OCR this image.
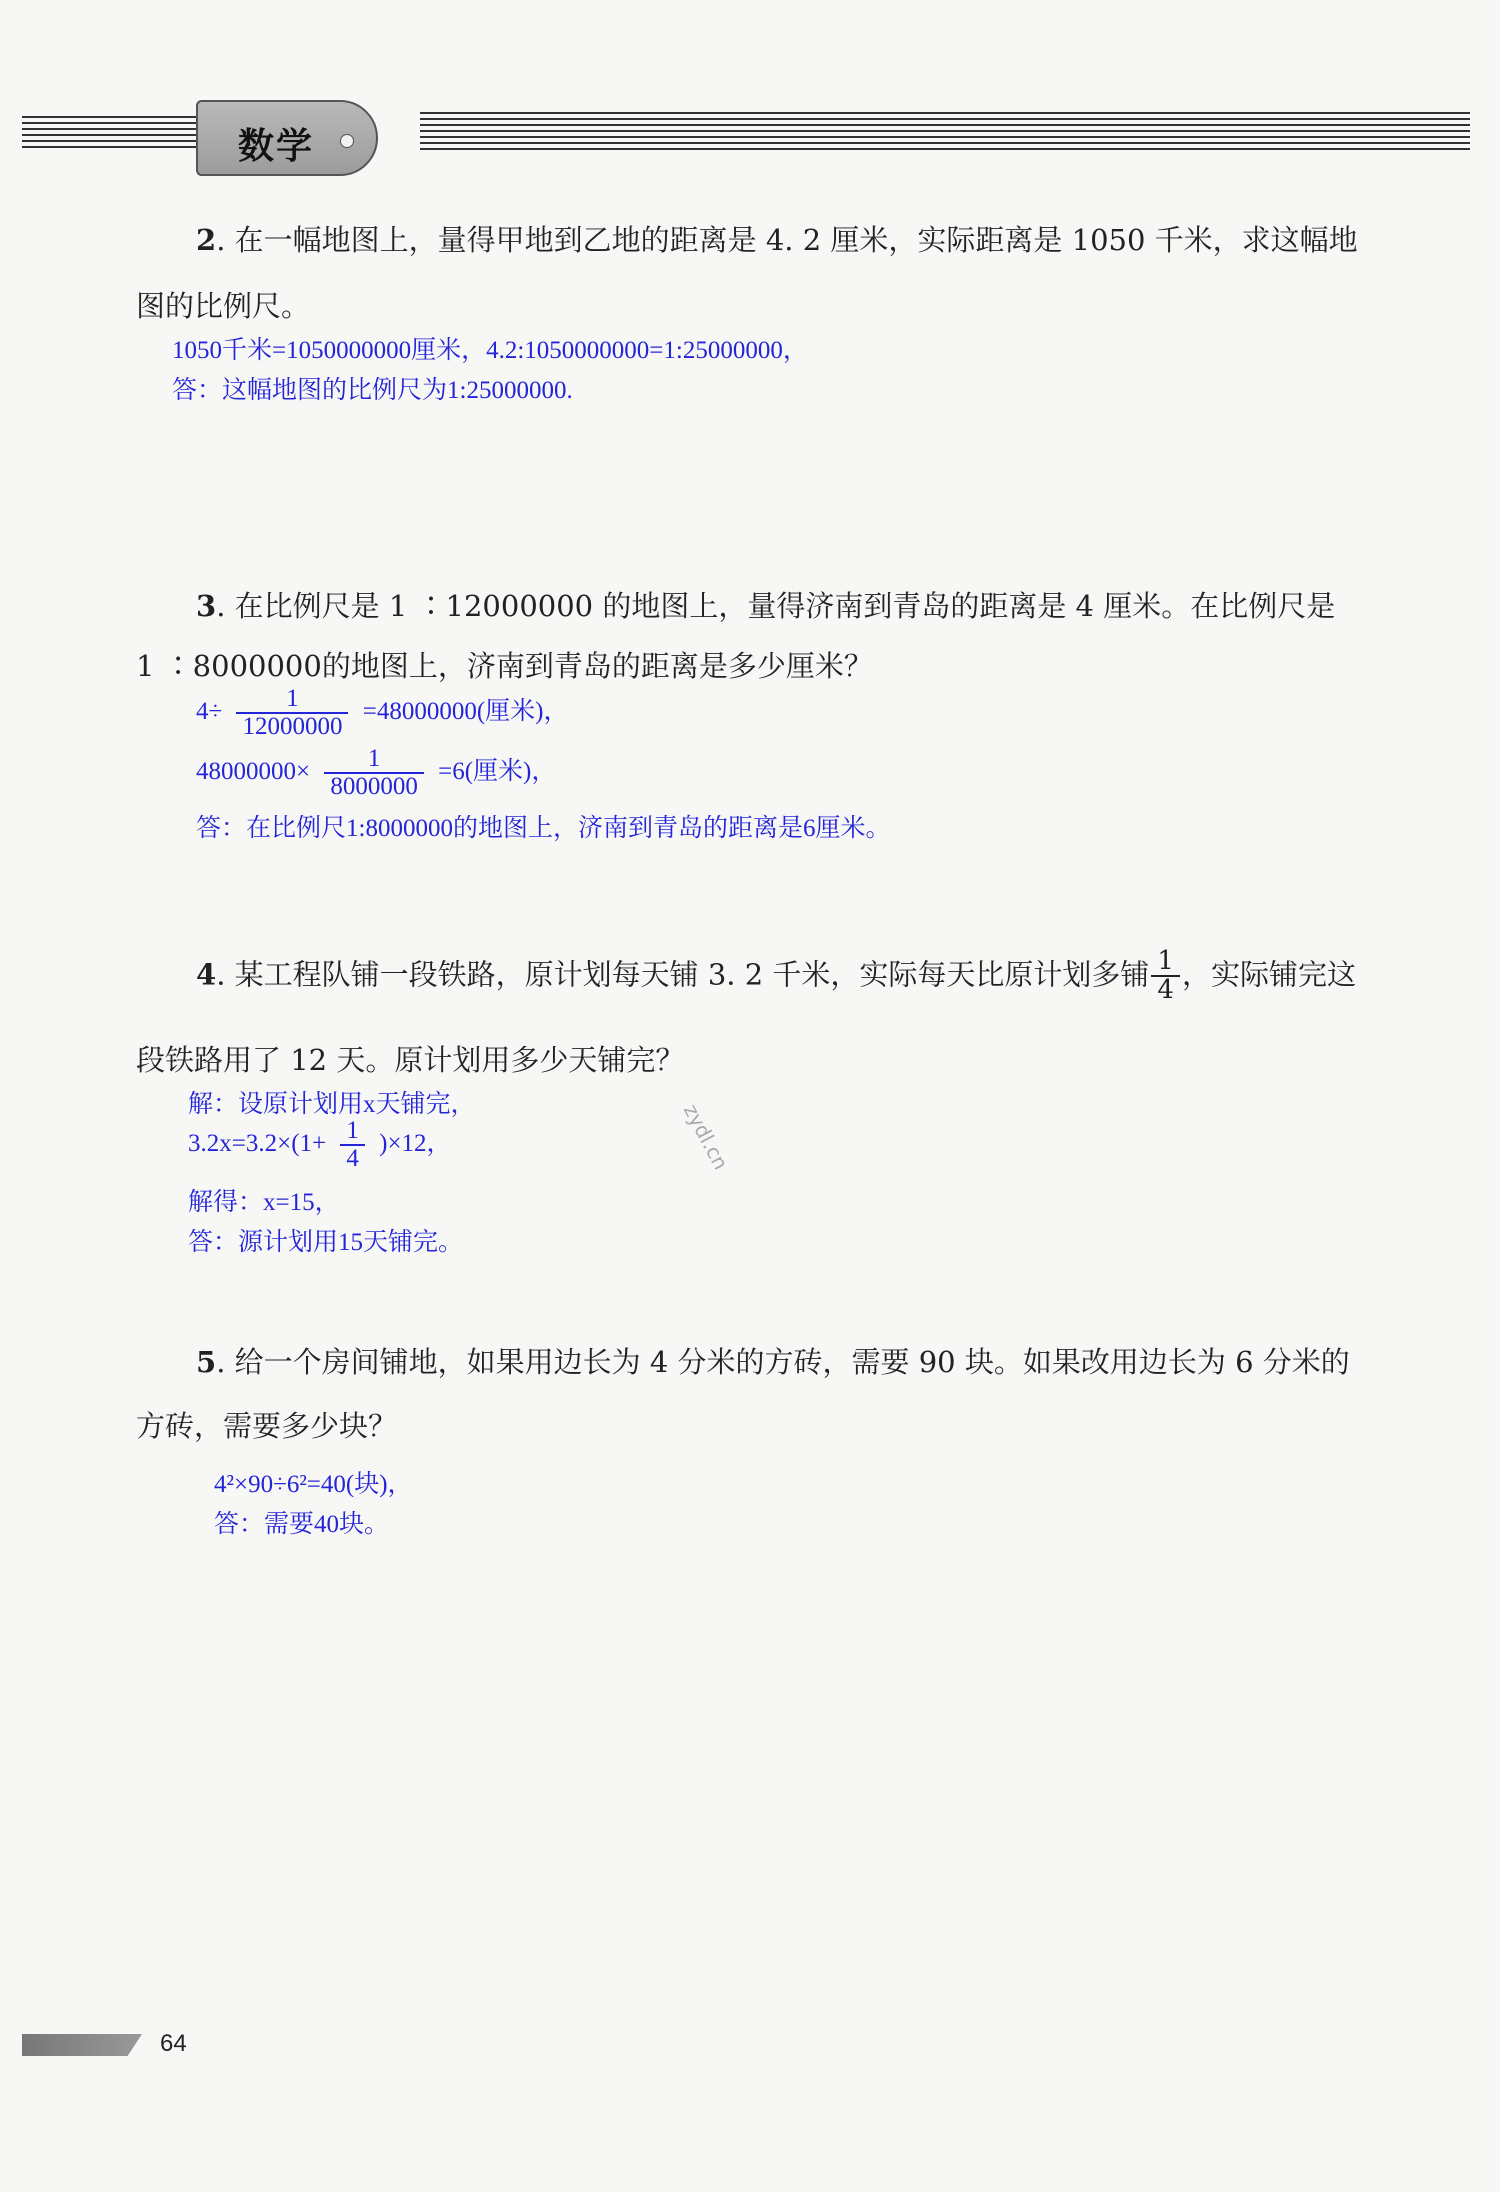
数学
2. 在一幅地图上，量得甲地到乙地的距离是 4. 2 厘米，实际距离是 1050 千米，求这幅地
图的比例尺。
1050千米=1050000000厘米，4.2:1050000000=1:25000000，
答：这幅地图的比例尺为1:25000000.
3. 在比例尺是 1 ∶12000000 的地图上，量得济南到青岛的距离是 4 厘米。在比例尺是
1 ∶8000000的地图上，济南到青岛的距离是多少厘米？
$4\div \frac{1}{12000000} =48000000$(厘米)，
$48000000\times \frac{1}{8000000} =6$(厘米)，
答：在比例尺1:8000000的地图上，济南到青岛的距离是6厘米。
4. 某工程队铺一段铁路，原计划每天铺 3. 2 千米，实际每天比原计划多铺 $\frac{1}{4}$ ，实际铺完这
段铁路用了 12 天。原计划用多少天铺完？
解：设原计划用x天铺完，
$3.2x=3.2\times(1+ \frac{1}{4} )\times 12$，
解得：x=15，
答：源计划用15天铺完。
zydl.cn
5. 给一个房间铺地，如果用边长为 4 分米的方砖，需要 90 块。如果改用边长为 6 分米的
方砖，需要多少块？
4²×90÷6²=40(块)，
答：需要40块。
64
